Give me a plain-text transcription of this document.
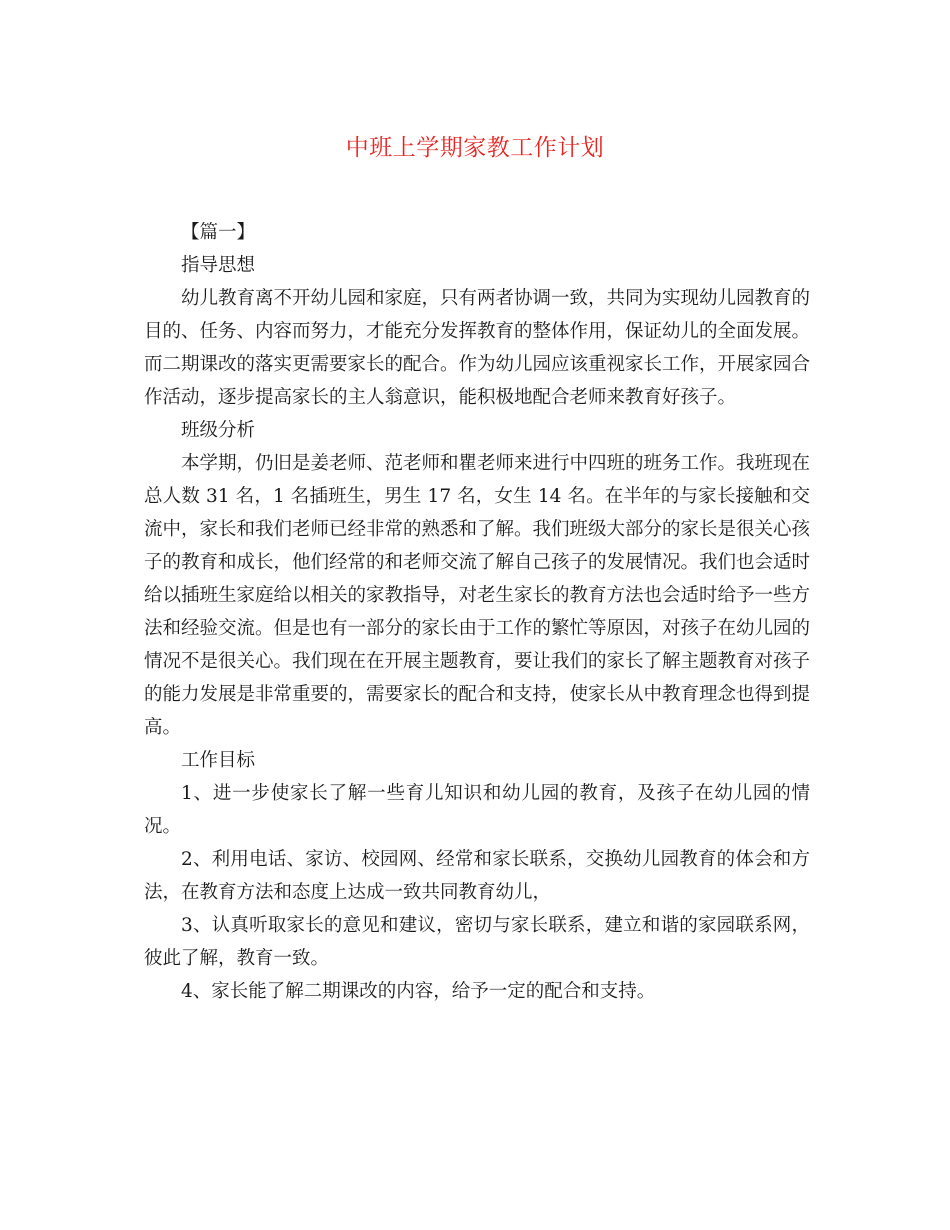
中班上学期家教工作计划

【篇一】

指导思想

幼儿教育离不开幼儿园和家庭，只有两者协调一致，共同为实现幼儿园教育的目的、任务、内容而努力，才能充分发挥教育的整体作用，保证幼儿的全面发展。而二期课改的落实更需要家长的配合。作为幼儿园应该重视家长工作，开展家园合作活动，逐步提高家长的主人翁意识，能积极地配合老师来教育好孩子。

班级分析

本学期，仍旧是姜老师、范老师和瞿老师来进行中四班的班务工作。我班现在总人数 31 名，1 名插班生，男生 17 名，女生 14 名。在半年的与家长接触和交流中，家长和我们老师已经非常的熟悉和了解。我们班级大部分的家长是很关心孩子的教育和成长，他们经常的和老师交流了解自己孩子的发展情况。我们也会适时给以插班生家庭给以相关的家教指导，对老生家长的教育方法也会适时给予一些方法和经验交流。但是也有一部分的家长由于工作的繁忙等原因，对孩子在幼儿园的情况不是很关心。我们现在在开展主题教育，要让我们的家长了解主题教育对孩子的能力发展是非常重要的，需要家长的配合和支持，使家长从中教育理念也得到提高。

工作目标

1、进一步使家长了解一些育儿知识和幼儿园的教育，及孩子在幼儿园的情况。

2、利用电话、家访、校园网、经常和家长联系，交换幼儿园教育的体会和方法，在教育方法和态度上达成一致共同教育幼儿，

3、认真听取家长的意见和建议，密切与家长联系，建立和谐的家园联系网，彼此了解，教育一致。

4、家长能了解二期课改的内容，给予一定的配合和支持。
